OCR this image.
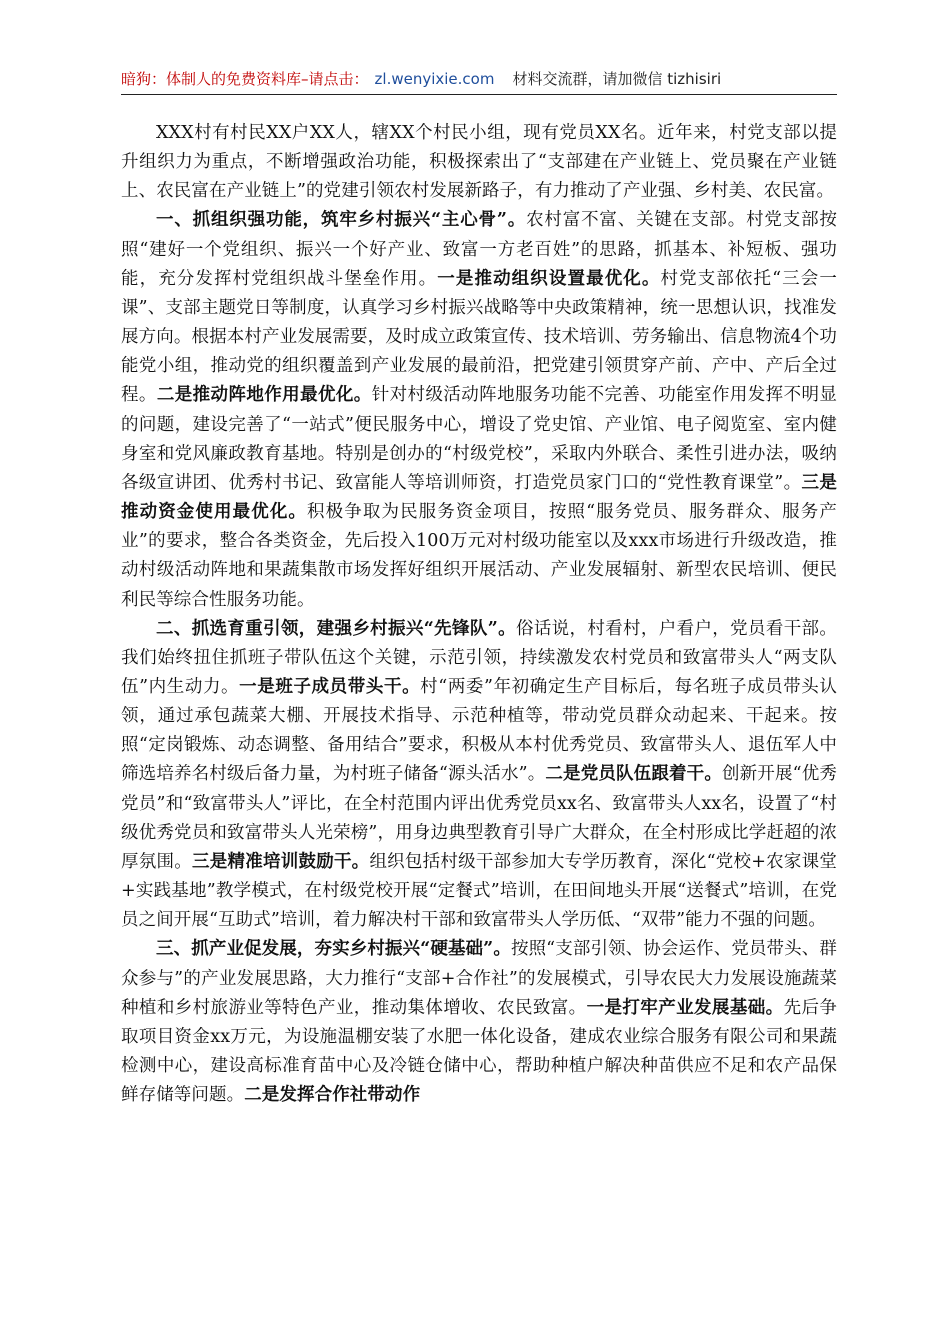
暗狗：体制人的免费资料库–请点击： zl.wenyixie.com 材料交流群，请加微信 tizhisiri

XXX村有村民XX户XX人，辖XX个村民小组，现有党员XX名。近年来，村党支部以提升组织力为重点，不断增强政治功能，积极探索出了“支部建在产业链上、党员聚在产业链上、农民富在产业链上”的党建引领农村发展新路子，有力推动了产业强、乡村美、农民富。

一、抓组织强功能，筑牢乡村振兴“主心骨”。农村富不富、关键在支部。村党支部按照“建好一个党组织、振兴一个好产业、致富一方老百姓”的思路，抓基本、补短板、强功能，充分发挥村党组织战斗堡垒作用。一是推动组织设置最优化。村党支部依托“三会一课”、支部主题党日等制度，认真学习乡村振兴战略等中央政策精神，统一思想认识，找准发展方向。根据本村产业发展需要，及时成立政策宣传、技术培训、劳务输出、信息物流4个功能党小组，推动党的组织覆盖到产业发展的最前沿，把党建引领贯穿产前、产中、产后全过程。二是推动阵地作用最优化。针对村级活动阵地服务功能不完善、功能室作用发挥不明显的问题，建设完善了“一站式”便民服务中心，增设了党史馆、产业馆、电子阅览室、室内健身室和党风廉政教育基地。特别是创办的“村级党校”，采取内外联合、柔性引进办法，吸纳各级宣讲团、优秀村书记、致富能人等培训师资，打造党员家门口的“党性教育课堂”。三是推动资金使用最优化。积极争取为民服务资金项目，按照“服务党员、服务群众、服务产业”的要求，整合各类资金，先后投入100万元对村级功能室以及xxx市场进行升级改造，推动村级活动阵地和果蔬集散市场发挥好组织开展活动、产业发展辐射、新型农民培训、便民利民等综合性服务功能。

二、抓选育重引领，建强乡村振兴“先锋队”。俗话说，村看村，户看户，党员看干部。我们始终扭住抓班子带队伍这个关键，示范引领，持续激发农村党员和致富带头人“两支队伍”内生动力。一是班子成员带头干。村“两委”年初确定生产目标后，每名班子成员带头认领，通过承包蔬菜大棚、开展技术指导、示范种植等，带动党员群众动起来、干起来。按照“定岗锻炼、动态调整、备用结合”要求，积极从本村优秀党员、致富带头人、退伍军人中筛选培养名村级后备力量，为村班子储备“源头活水”。二是党员队伍跟着干。创新开展“优秀党员”和“致富带头人”评比，在全村范围内评出优秀党员xx名、致富带头人xx名，设置了“村级优秀党员和致富带头人光荣榜”，用身边典型教育引导广大群众，在全村形成比学赶超的浓厚氛围。三是精准培训鼓励干。组织包括村级干部参加大专学历教育，深化“党校+农家课堂+实践基地”教学模式，在村级党校开展“定餐式”培训，在田间地头开展“送餐式”培训，在党员之间开展“互助式”培训，着力解决村干部和致富带头人学历低、“双带”能力不强的问题。

三、抓产业促发展，夯实乡村振兴“硬基础”。按照“支部引领、协会运作、党员带头、群众参与”的产业发展思路，大力推行“支部+合作社”的发展模式，引导农民大力发展设施蔬菜种植和乡村旅游业等特色产业，推动集体增收、农民致富。一是打牢产业发展基础。先后争取项目资金xx万元，为设施温棚安装了水肥一体化设备，建成农业综合服务有限公司和果蔬检测中心，建设高标准育苗中心及冷链仓储中心，帮助种植户解决种苗供应不足和农产品保鲜存储等问题。二是发挥合作社带动作
